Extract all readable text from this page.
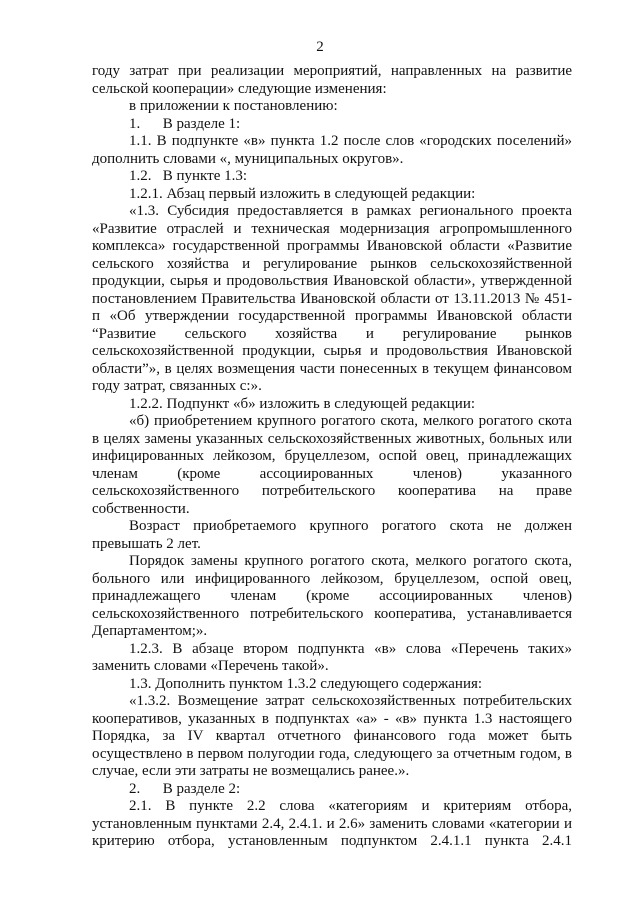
2

году затрат при реализации мероприятий, направленных на развитие сельской кооперации» следующие изменения:

в приложении к постановлению:

1.      В разделе 1:

1.1. В подпункте «в» пункта 1.2 после слов «городских поселений» дополнить словами «, муниципальных округов».

1.2.   В пункте 1.3:

1.2.1. Абзац первый изложить в следующей редакции:

«1.3. Субсидия предоставляется в рамках регионального проекта «Развитие отраслей и техническая модернизация агропромышленного комплекса» государственной программы Ивановской области «Развитие сельского хозяйства и регулирование рынков сельскохозяйственной продукции, сырья и продовольствия Ивановской области», утвержденной постановлением Правительства Ивановской области от 13.11.2013 № 451-п «Об утверждении государственной программы Ивановской области “Развитие сельского хозяйства и регулирование рынков сельскохозяйственной продукции, сырья и продовольствия Ивановской области”», в целях возмещения части понесенных в текущем финансовом году затрат, связанных с:».

1.2.2. Подпункт «б» изложить в следующей редакции:

«б) приобретением крупного рогатого скота, мелкого рогатого скота в целях замены указанных сельскохозяйственных животных, больных или инфицированных лейкозом, бруцеллезом, оспой овец, принадлежащих членам (кроме ассоциированных членов) указанного сельскохозяйственного потребительского кооператива на праве собственности.

Возраст приобретаемого крупного рогатого скота не должен превышать 2 лет.

Порядок замены крупного рогатого скота, мелкого рогатого скота, больного или инфицированного лейкозом, бруцеллезом, оспой овец, принадлежащего членам (кроме ассоциированных членов) сельскохозяйственного потребительского кооператива, устанавливается Департаментом;».

1.2.3. В абзаце втором подпункта «в» слова «Перечень таких» заменить словами «Перечень такой».

1.3. Дополнить пунктом 1.3.2 следующего содержания:

«1.3.2. Возмещение затрат сельскохозяйственных потребительских кооперативов, указанных в подпунктах «а» - «в» пункта 1.3 настоящего Порядка, за IV квартал отчетного финансового года может быть осуществлено в первом полугодии года, следующего за отчетным годом, в случае, если эти затраты не возмещались ранее.».

2.      В разделе 2:

2.1. В пункте 2.2 слова «категориям и критериям отбора, установленным пунктами 2.4, 2.4.1. и 2.6» заменить словами «категории и критерию отбора, установленным подпунктом 2.4.1.1 пункта 2.4.1
